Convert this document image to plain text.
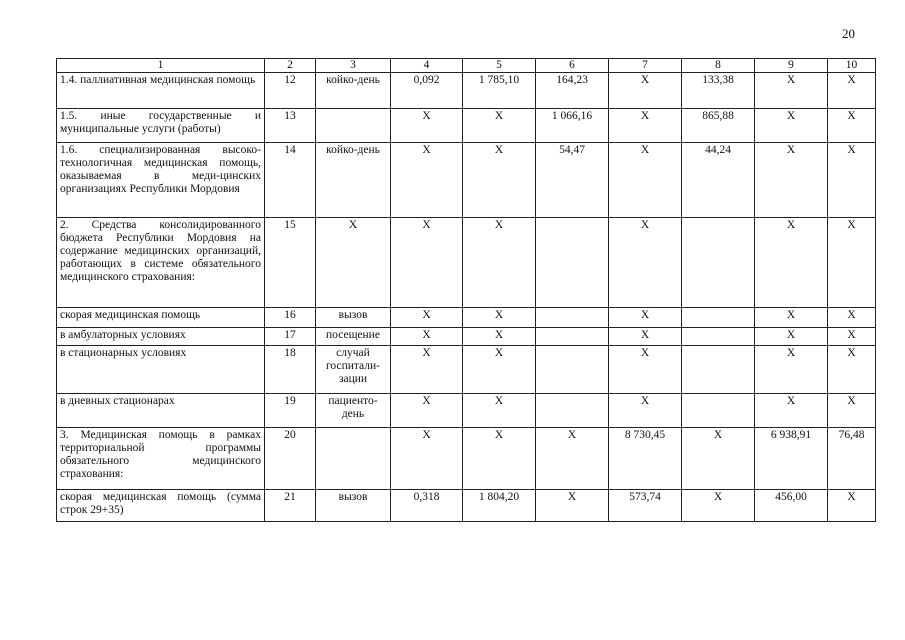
20
1	2	3	4	5	6	7	8	9	10
1.4. паллиативная медицинская помощь	12	койко-день	0,092	1 785,10	164,23	Х	133,38	Х	Х
1.5. иные государственные и муниципальные услуги (работы)	13		Х	Х	1 066,16	Х	865,88	Х	Х
1.6. специализированная высоко-технологичная медицинская помощь, оказываемая в меди-цинских организациях Республики Мордовия	14	койко-день	Х	Х	54,47	Х	44,24	Х	Х
2. Средства консолидированного бюджета Республики Мордовия на содержание медицинских организаций, работающих в системе обязательного медицинского страхования:	15	Х	Х	Х		Х		Х	Х
скорая медицинская помощь	16	вызов	Х	Х		Х		Х	Х
в амбулаторных условиях	17	посещение	Х	Х		Х		Х	Х
в стационарных условиях	18	случай госпитали-зации	Х	Х		Х		Х	Х
в дневных стационарах	19	пациенто-день	Х	Х		Х		Х	Х
3. Медицинская помощь в рамках территориальной программы обязательного медицинского страхования:	20		Х	Х	Х	8 730,45	Х	6 938,91	76,48
скорая медицинская помощь (сумма строк 29+35)	21	вызов	0,318	1 804,20	Х	573,74	Х	456,00	Х
